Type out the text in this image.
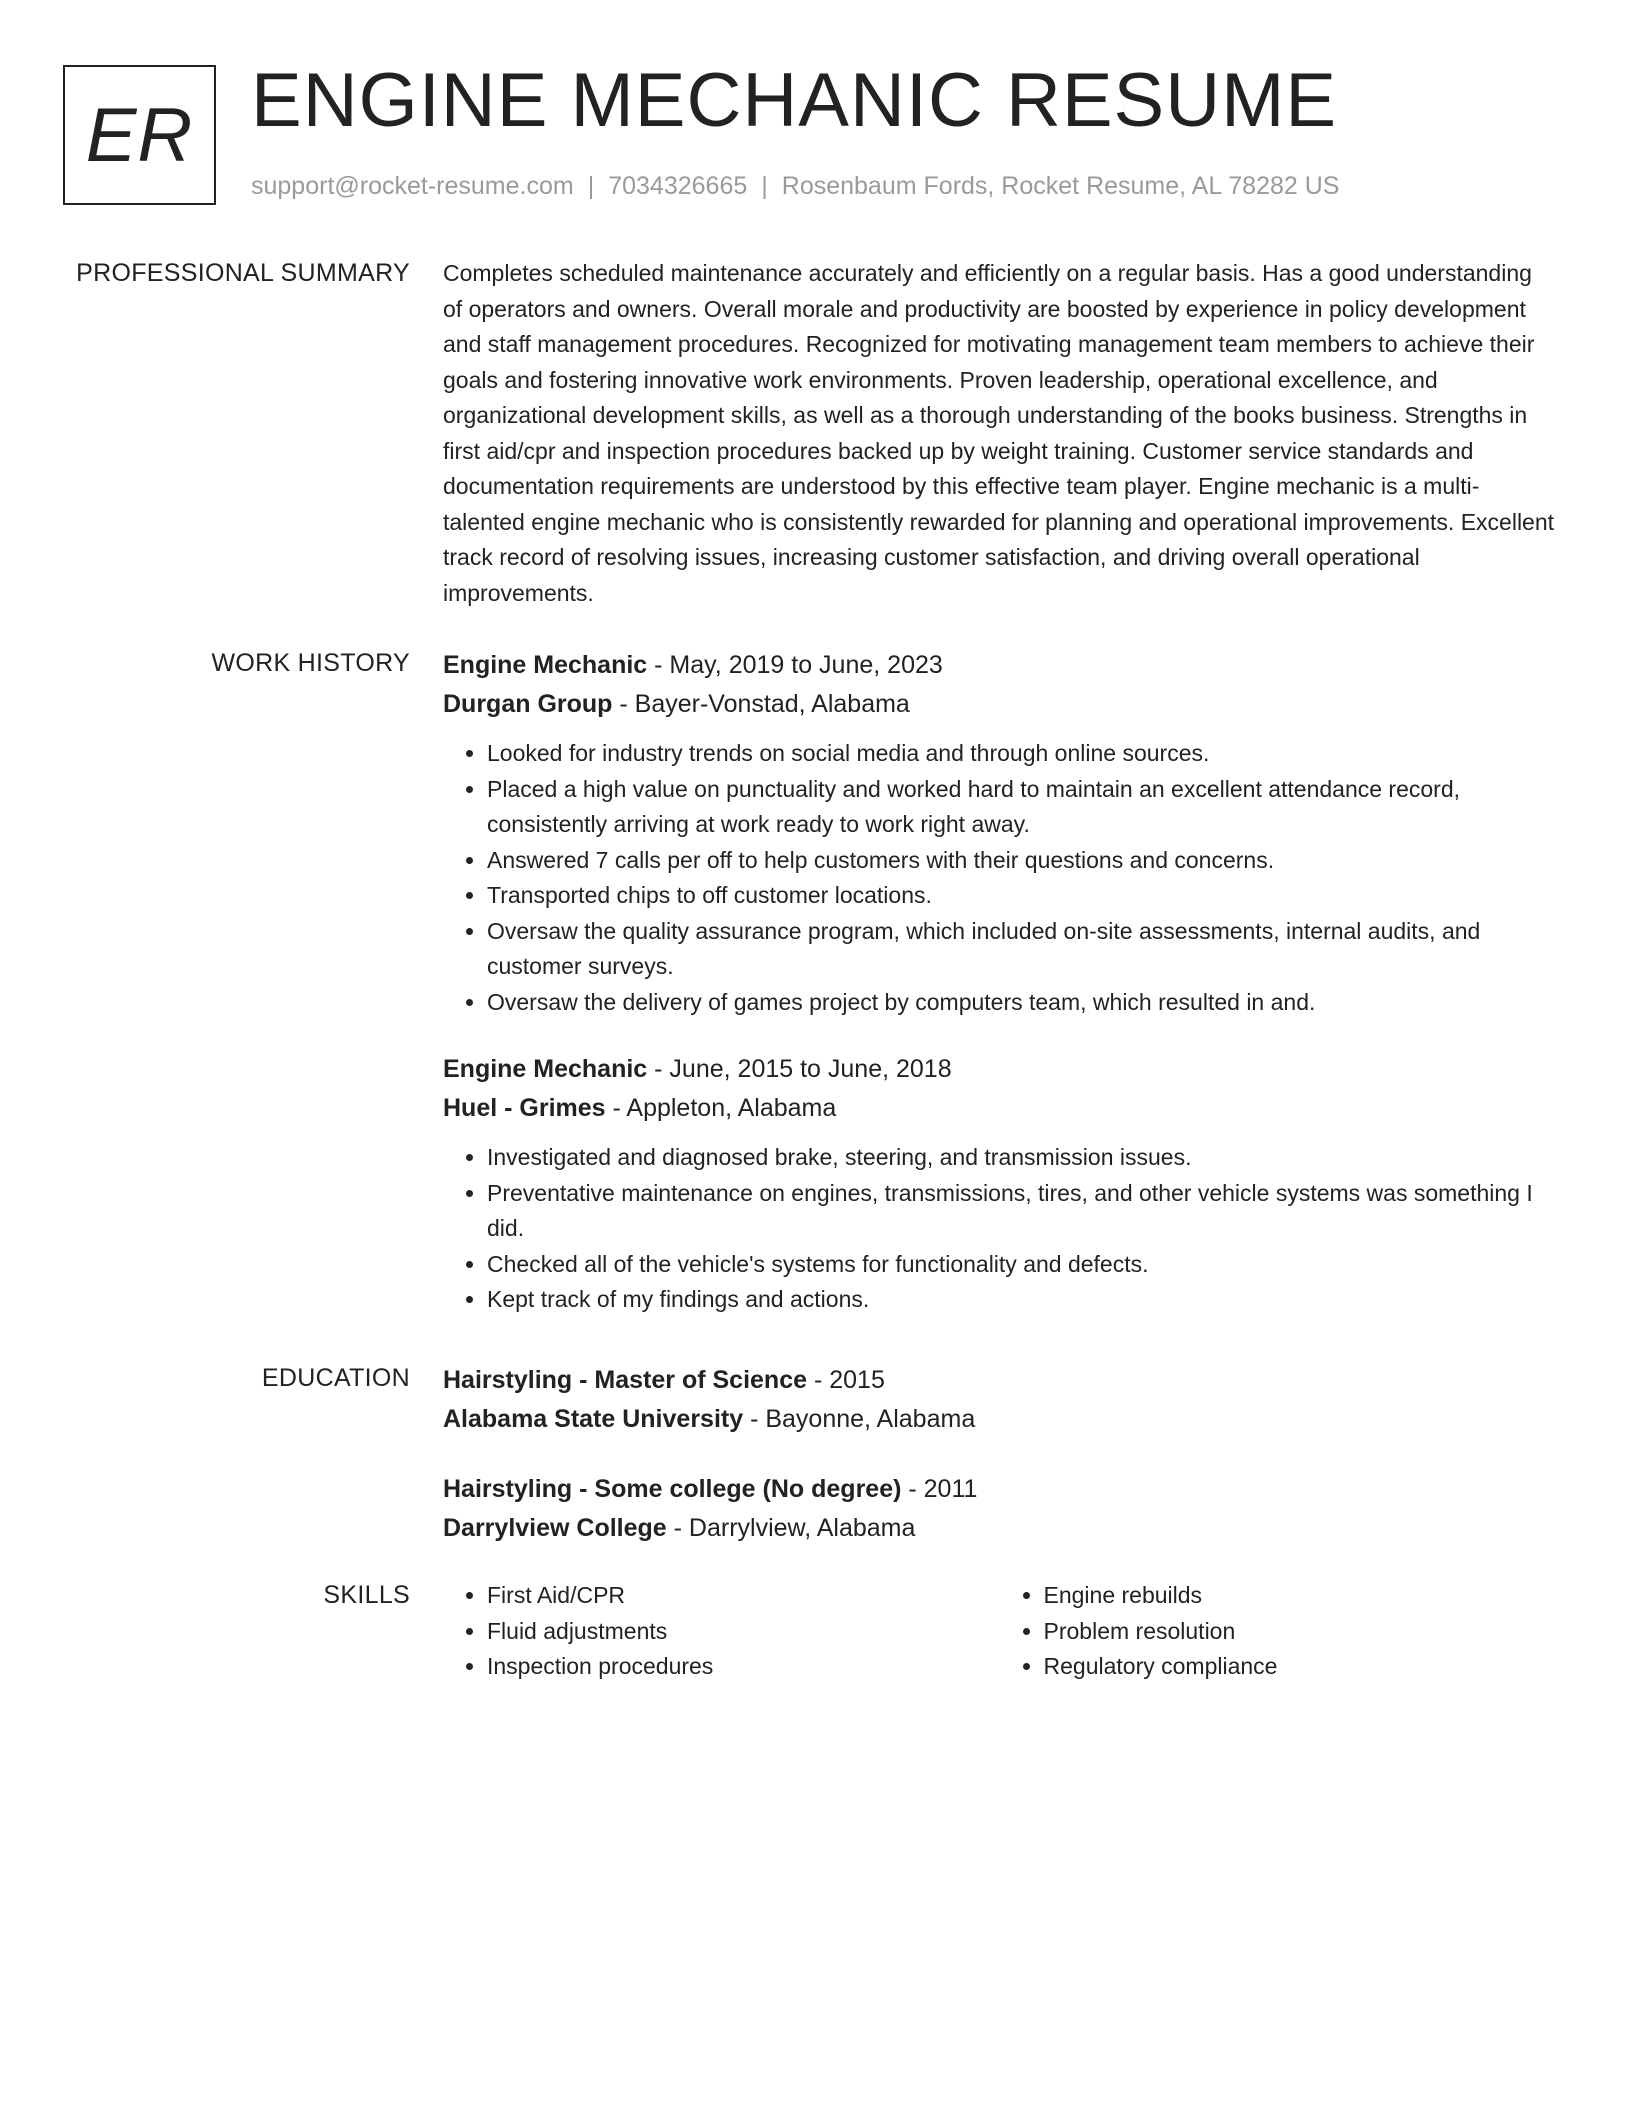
ER ENGINE MECHANIC RESUME
support@rocket-resume.com | 7034326665 | Rosenbaum Fords, Rocket Resume, AL 78282 US
PROFESSIONAL SUMMARY Completes scheduled maintenance accurately and efficiently on a regular basis. Has a good understanding of operators and owners. Overall morale and productivity are boosted by experience in policy development and staff management procedures. Recognized for motivating management team members to achieve their goals and fostering innovative work environments. Proven leadership, operational excellence, and organizational development skills, as well as a thorough understanding of the books business. Strengths in first aid/cpr and inspection procedures backed up by weight training. Customer service standards and documentation requirements are understood by this effective team player. Engine mechanic is a multi-talented engine mechanic who is consistently rewarded for planning and operational improvements. Excellent track record of resolving issues, increasing customer satisfaction, and driving overall operational improvements.

WORK HISTORY Engine Mechanic - May, 2019 to June, 2023
Durgan Group - Bayer-Vonstad, Alabama
• Looked for industry trends on social media and through online sources.
• Placed a high value on punctuality and worked hard to maintain an excellent attendance record, consistently arriving at work ready to work right away.
• Answered 7 calls per off to help customers with their questions and concerns.
• Transported chips to off customer locations.
• Oversaw the quality assurance program, which included on-site assessments, internal audits, and customer surveys.
• Oversaw the delivery of games project by computers team, which resulted in and.
Engine Mechanic - June, 2015 to June, 2018
Huel - Grimes - Appleton, Alabama
• Investigated and diagnosed brake, steering, and transmission issues.
• Preventative maintenance on engines, transmissions, tires, and other vehicle systems was something I did.
• Checked all of the vehicle's systems for functionality and defects.
• Kept track of my findings and actions.
EDUCATION Hairstyling - Master of Science - 2015
Alabama State University - Bayonne, Alabama
Hairstyling - Some college (No degree) - 2011
Darrylview College - Darrylview, Alabama
SKILLS
•	First Aid/CPR
• Fluid adjustments
• Inspection procedures
• Engine rebuilds
• Problem resolution
• Regulatory compliance
